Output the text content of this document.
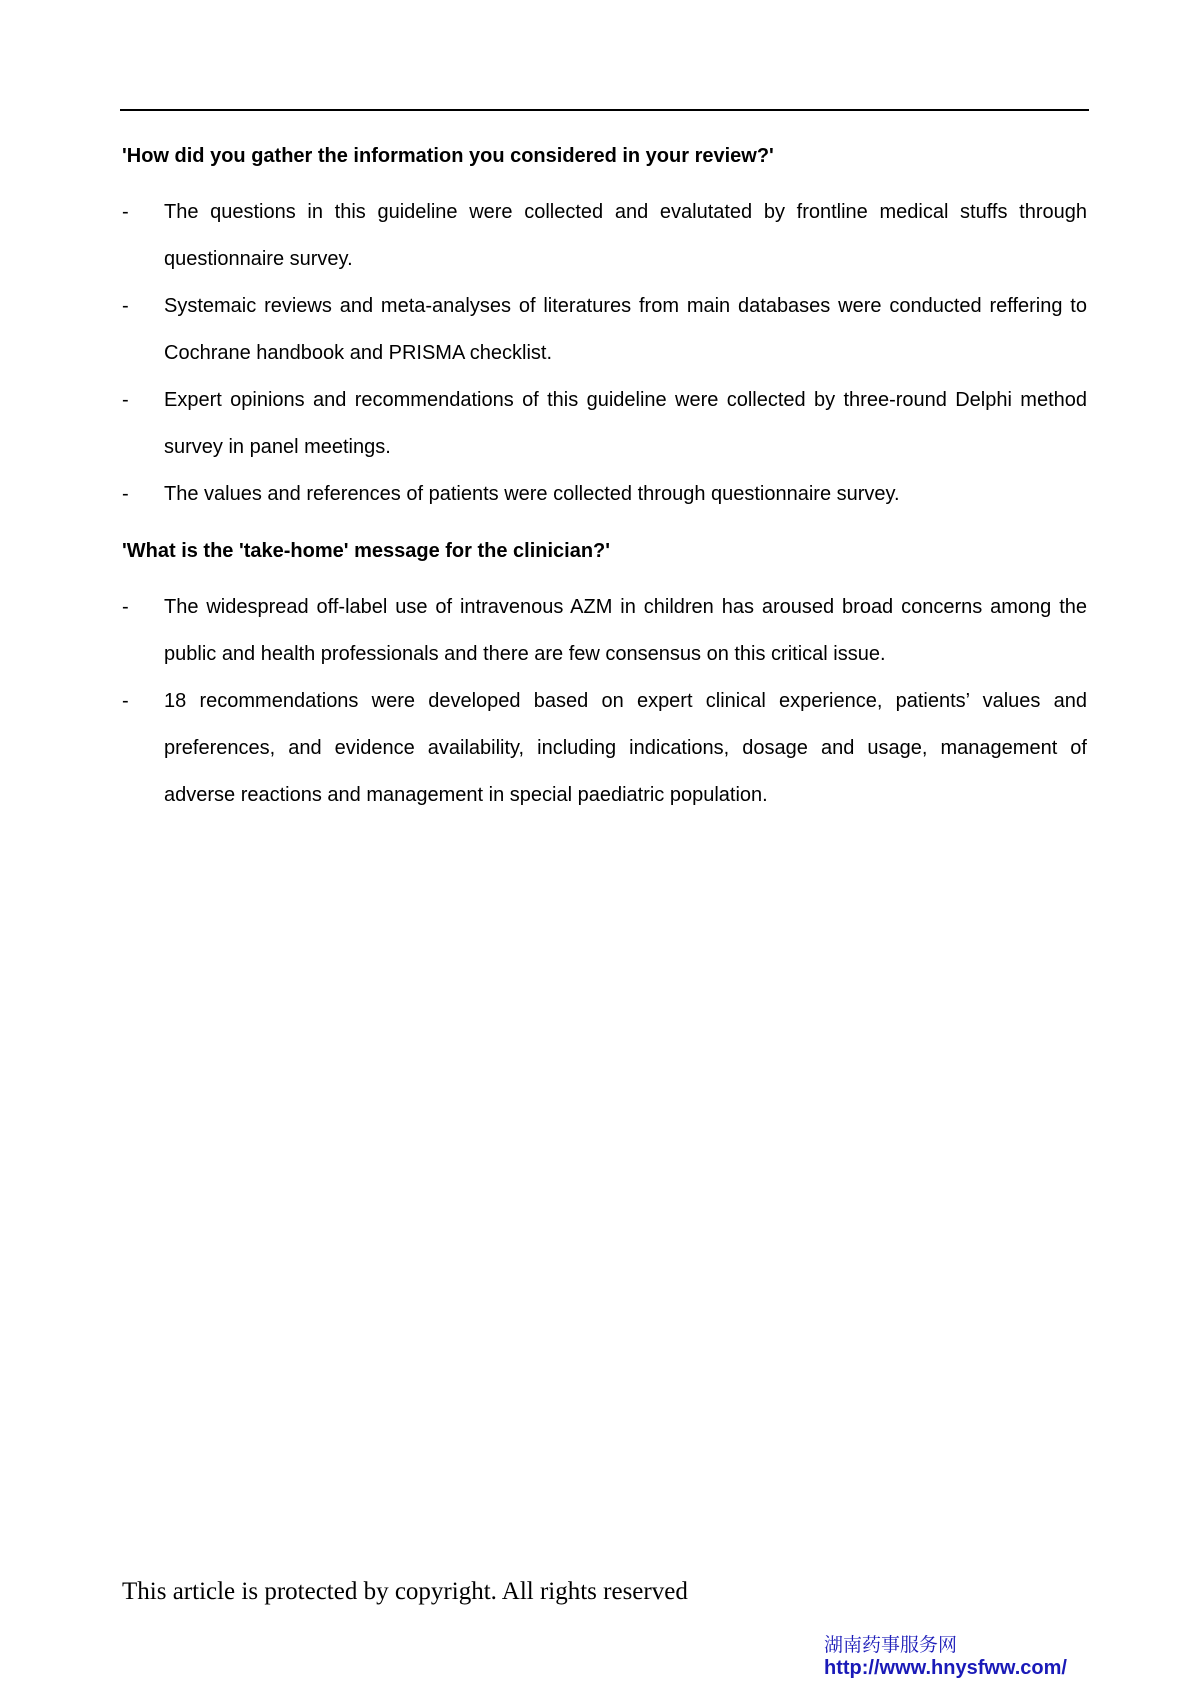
'How did you gather the information you considered in your review?'

- The questions in this guideline were collected and evalutated by frontline medical stuffs through questionnaire survey.
- Systemaic reviews and meta-analyses of literatures from main databases were conducted reffering to Cochrane handbook and PRISMA checklist.
- Expert opinions and recommendations of this guideline were collected by three-round Delphi method survey in panel meetings.
- The values and references of patients were collected through questionnaire survey.

'What is the 'take-home' message for the clinician?'

- The widespread off-label use of intravenous AZM in children has aroused broad concerns among the public and health professionals and there are few consensus on this critical issue.
- 18 recommendations were developed based on expert clinical experience, patients’ values and preferences, and evidence availability, including indications, dosage and usage, management of adverse reactions and management in special paediatric population.
This article is protected by copyright. All rights reserved
湖南药事服务网
http://www.hnysfww.com/
